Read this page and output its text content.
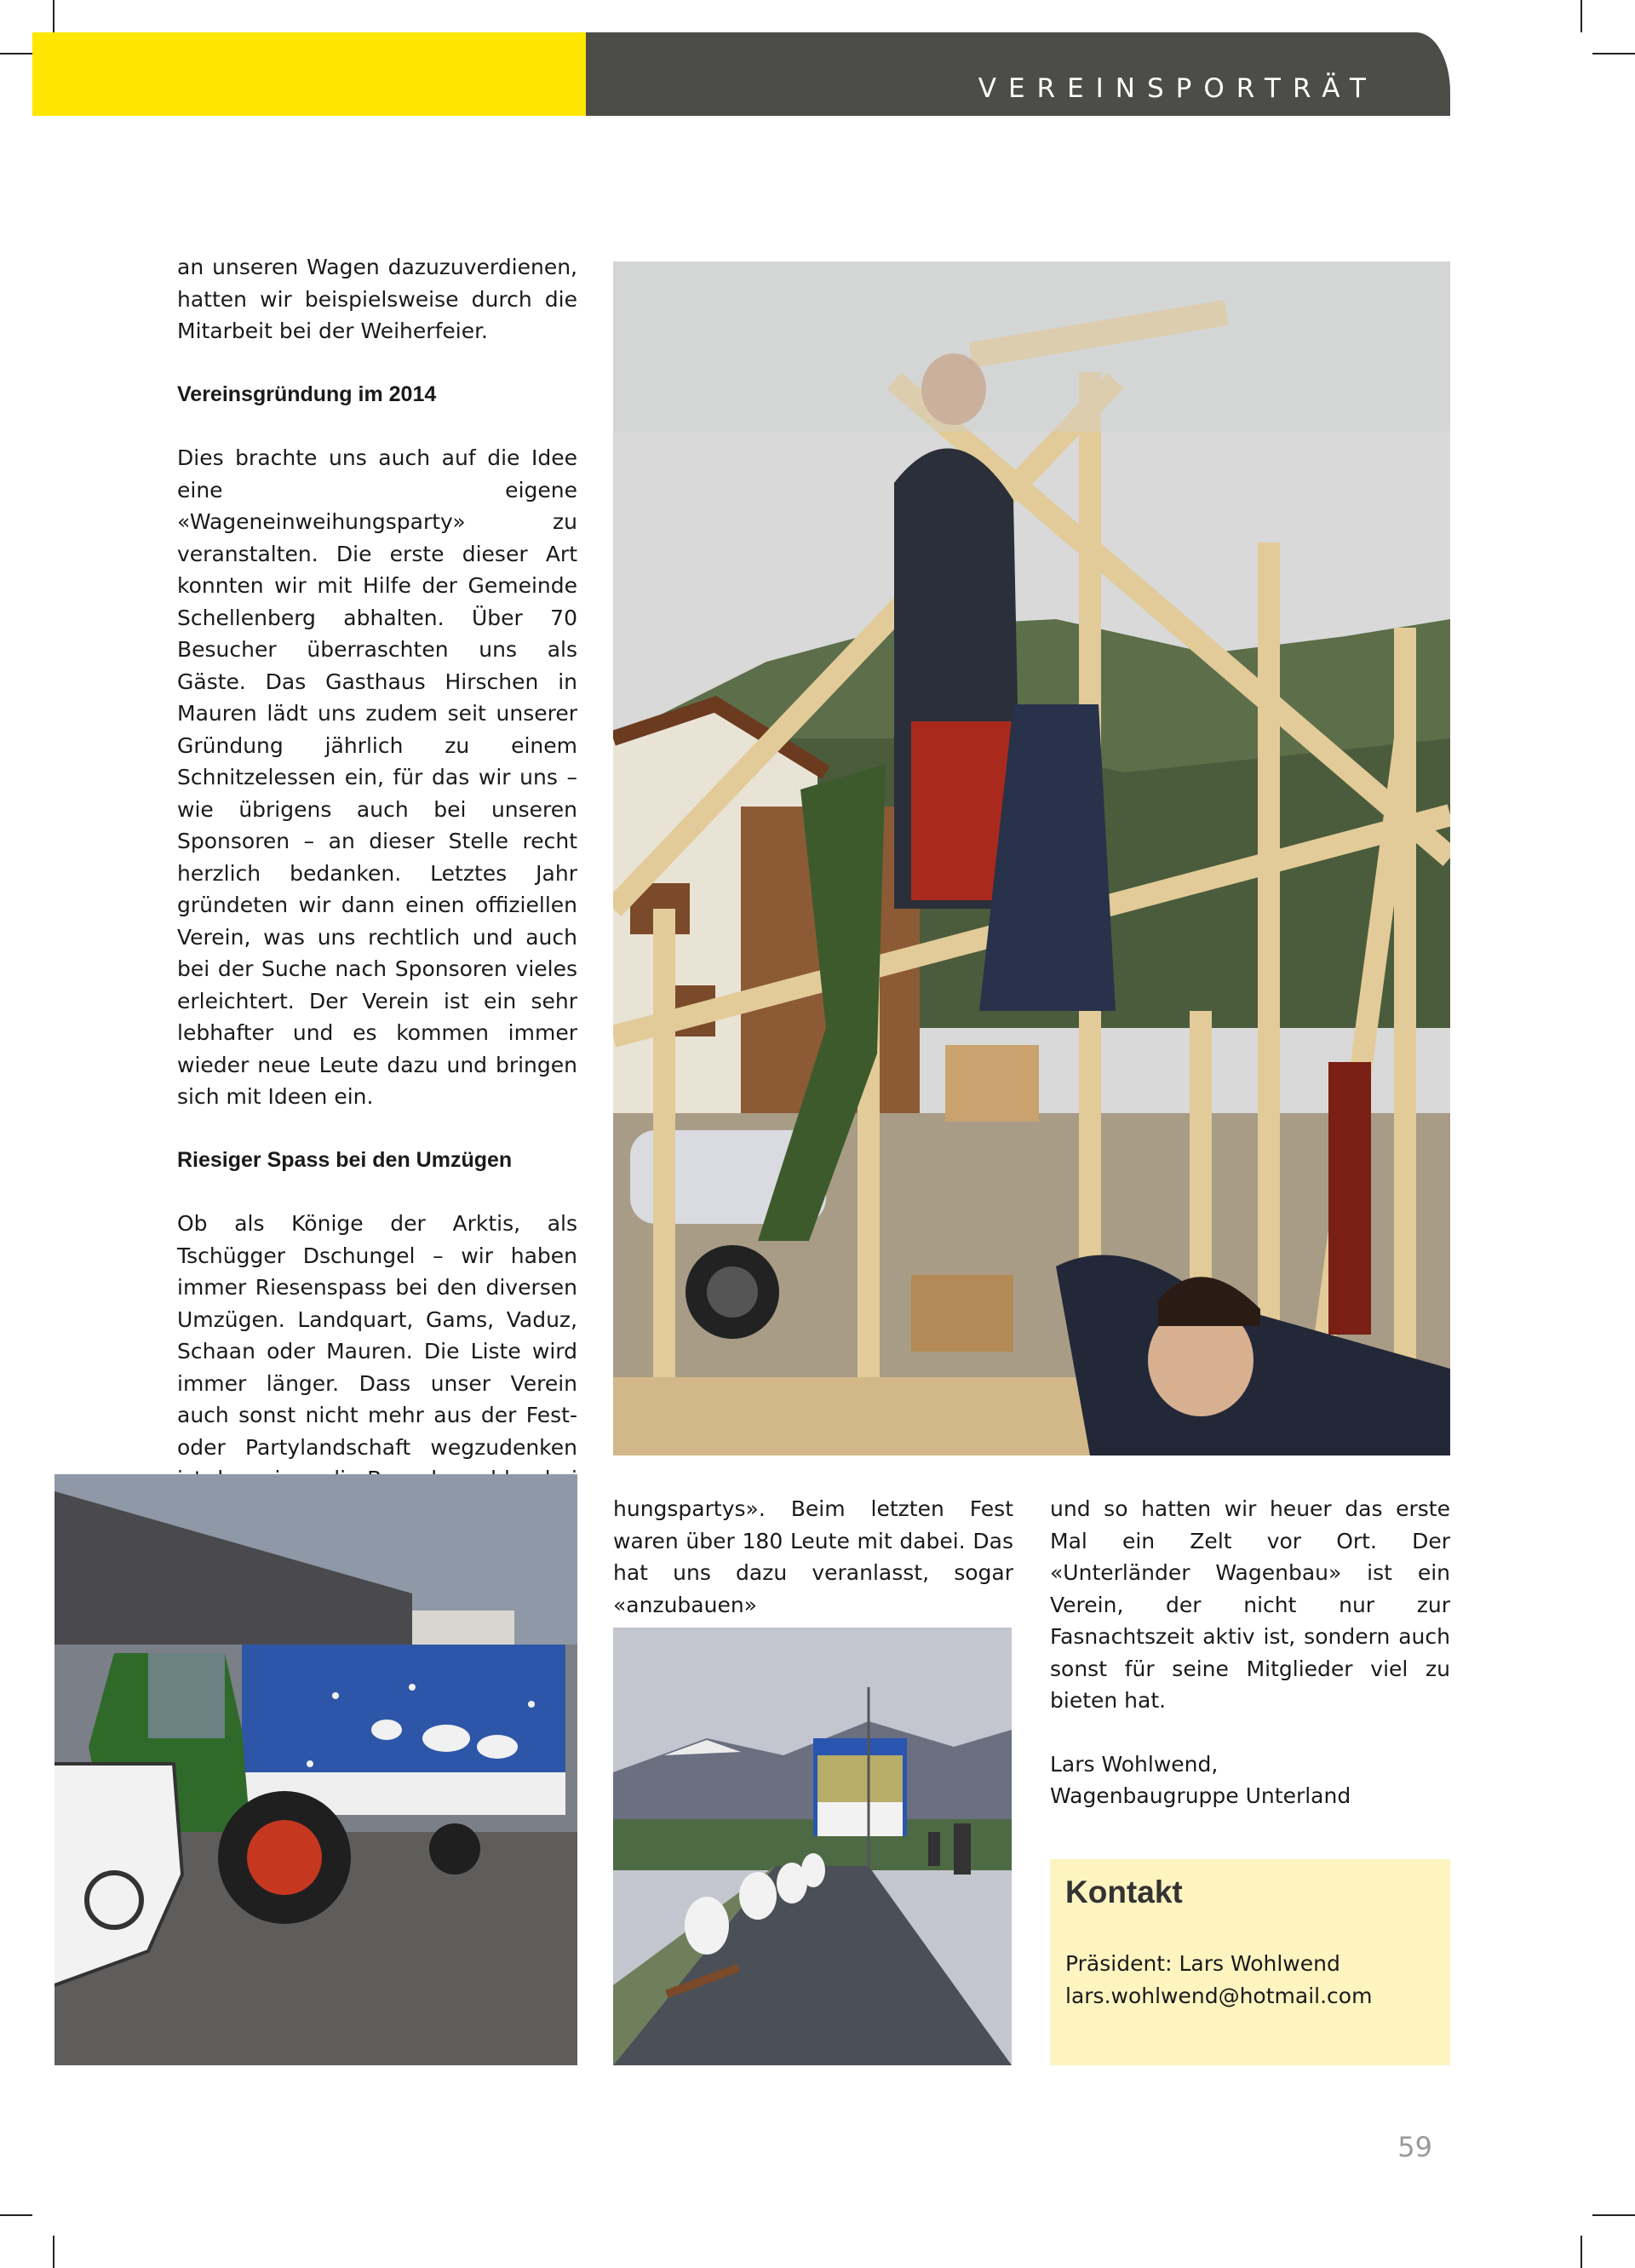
VEREINSPORTRÄT

an unseren Wagen dazuzuverdienen, hatten wir beispielsweise durch die Mitarbeit bei der Weiherfeier.

Vereinsgründung im 2014

Dies brachte uns auch auf die Idee eine eigene «Wageneinweihungsparty» zu veranstalten. Die erste dieser Art konnten wir mit Hilfe der Gemeinde Schellenberg abhalten. Über 70 Besucher überraschten uns als Gäste. Das Gasthaus Hirschen in Mauren lädt uns zudem seit unserer Gründung jährlich zu einem Schnitzelessen ein, für das wir uns – wie übrigens auch bei unseren Sponsoren – an dieser Stelle recht herzlich bedanken. Letztes Jahr gründeten wir dann einen offiziellen Verein, was uns rechtlich und auch bei der Suche nach Sponsoren vieles erleichtert. Der Verein ist ein sehr lebhafter und es kommen immer wieder neue Leute dazu und bringen sich mit Ideen ein.

Riesiger Spass bei den Umzügen

Ob als Könige der Arktis, als Tschügger Dschungel – wir haben immer Riesenspass bei den diversen Umzügen. Landquart, Gams, Vaduz, Schaan oder Mauren. Die Liste wird immer länger. Dass unser Verein auch sonst nicht mehr aus der Fest- oder Partylandschaft wegzudenken

hungspartys». Beim letzten Fest waren über 180 Leute mit dabei. Das hat uns dazu veranlasst, sogar «anzubauen»

und so hatten wir heuer das erste Mal ein Zelt vor Ort. Der «Unterländer Wagenbau» ist ein Verein, der nicht nur zur Fasnachtszeit aktiv ist, sondern auch sonst für seine Mitglieder viel zu bieten hat.

Lars Wohlwend,

Wagenbaugruppe Unterland

Kontakt
Präsident: Lars Wohlwend
lars.wohlwend@hotmail.com
59
